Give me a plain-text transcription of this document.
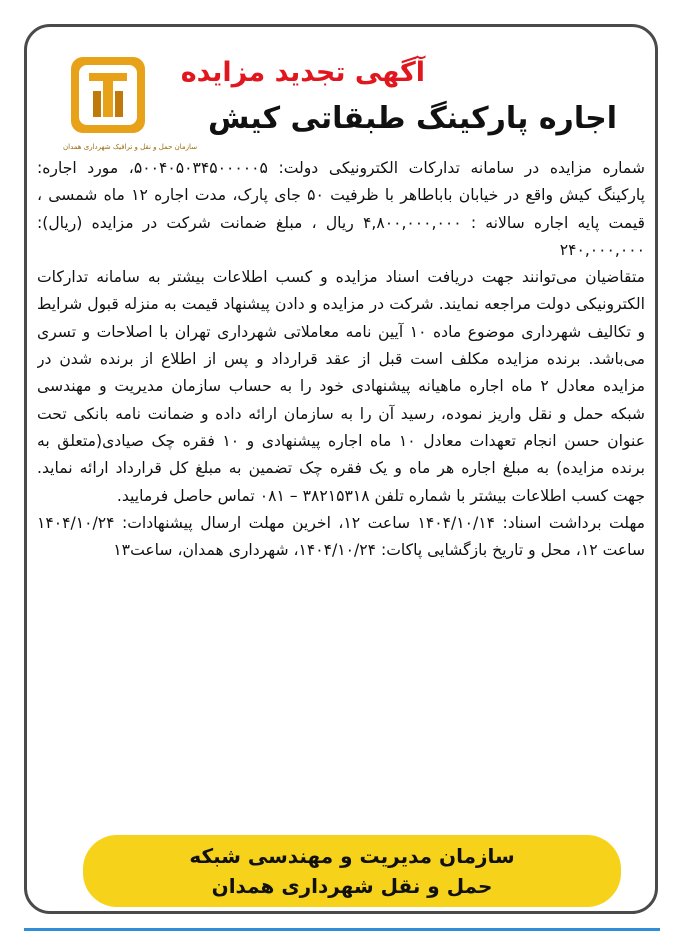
سازمان حمل و نقل و ترافیک شهرداری همدان
آگهی تجدید مزایده
اجاره پارکینگ طبقاتی کیش

شماره مزایده در سامانه تدارکات الکترونیکی دولت: ۵۰۰۴۰۵۰۳۴۵۰۰۰۰۰۵، مورد اجاره: پارکینگ کیش واقع در خیابان باباطاهر با ظرفیت ۵۰ جای پارک، مدت اجاره ۱۲ ماه شمسی ، قیمت پایه اجاره سالانه : ۴,۸۰۰,۰۰۰,۰۰۰ ریال ، مبلغ ضمانت شرکت در مزایده (ریال): ۲۴۰,۰۰۰,۰۰۰

متقاضیان می‌توانند جهت دریافت اسناد مزایده و کسب اطلاعات بیشتر به سامانه تدارکات الکترونیکی دولت مراجعه نمایند. شرکت در مزایده و دادن پیشنهاد قیمت به منزله قبول شرایط و تکالیف شهرداری موضوع ماده ۱۰ آیین نامه معاملاتی شهرداری تهران با اصلاحات و تسری می‌باشد. برنده مزایده مکلف است قبل از عقد قرارداد و پس از اطلاع از برنده شدن در مزایده معادل ۲ ماه اجاره ماهیانه پیشنهادی خود را به حساب سازمان مدیریت و مهندسی شبکه حمل و نقل واریز نموده، رسید آن را به سازمان ارائه داده و ضمانت نامه بانکی تحت عنوان حسن انجام تعهدات معادل ۱۰ ماه اجاره پیشنهادی و ۱۰ فقره چک صیادی(متعلق به برنده مزایده) به مبلغ اجاره هر ماه و یک فقره چک تضمین به مبلغ کل قرارداد ارائه نماید. جهت کسب اطلاعات بیشتر با شماره تلفن ۳۸۲۱۵۳۱۸ – ۰۸۱ تماس حاصل فرمایید.

مهلت برداشت اسناد: ۱۴۰۴/۱۰/۱۴ ساعت ۱۲، اخرین مهلت ارسال پیشنهادات: ۱۴۰۴/۱۰/۲۴ ساعت ۱۲، محل و تاریخ بازگشایی پاکات: ۱۴۰۴/۱۰/۲۴، شهرداری همدان، ساعت۱۳

سازمان مدیریت و مهندسی شبکه
حمل و نقل شهرداری همدان
